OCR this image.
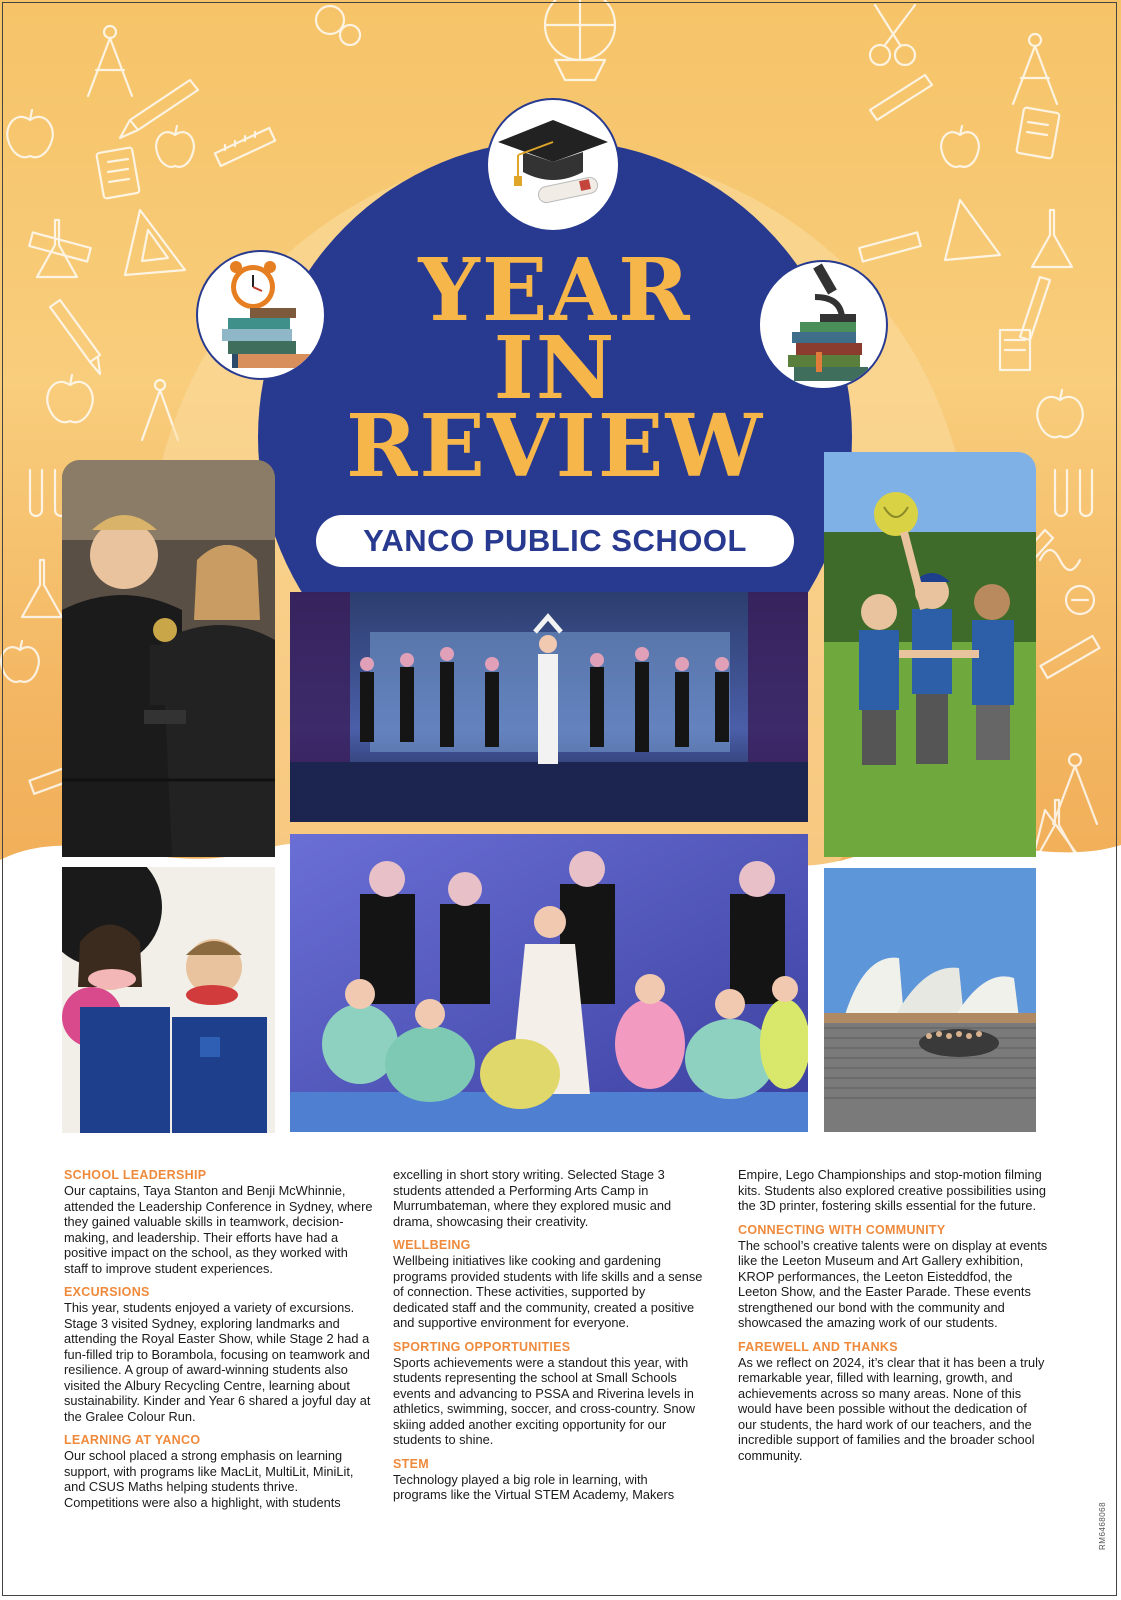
YEAR
IN
REVIEW
YANCO PUBLIC SCHOOL
SCHOOL LEADERSHIP
Our captains, Taya Stanton and Benji McWhinnie, attended the Leadership Conference in Sydney, where they gained valuable skills in teamwork, decision-making, and leadership. Their efforts have had a positive impact on the school, as they worked with staff to improve student experiences.
EXCURSIONS
This year, students enjoyed a variety of excursions. Stage 3 visited Sydney, exploring landmarks and attending the Royal Easter Show, while Stage 2 had a fun-filled trip to Borambola, focusing on teamwork and resilience. A group of award-winning students also visited the Albury Recycling Centre, learning about sustainability. Kinder and Year 6 shared a joyful day at the Gralee Colour Run.
LEARNING AT YANCO
Our school placed a strong emphasis on learning support, with programs like MacLit, MultiLit, MiniLit, and CSUS Maths helping students thrive. Competitions were also a highlight, with students
excelling in short story writing. Selected Stage 3 students attended a Performing Arts Camp in Murrumbateman, where they explored music and drama, showcasing their creativity.
WELLBEING
Wellbeing initiatives like cooking and gardening programs provided students with life skills and a sense of connection. These activities, supported by dedicated staff and the community, created a positive and supportive environment for everyone.
SPORTING OPPORTUNITIES
Sports achievements were a standout this year, with students representing the school at Small Schools events and advancing to PSSA and Riverina levels in athletics, swimming, soccer, and cross-country. Snow skiing added another exciting opportunity for our students to shine.
STEM
Technology played a big role in learning, with programs like the Virtual STEM Academy, Makers
Empire, Lego Championships and stop-motion filming kits. Students also explored creative possibilities using the 3D printer, fostering skills essential for the future.
CONNECTING WITH COMMUNITY
The school’s creative talents were on display at events like the Leeton Museum and Art Gallery exhibition, KROP performances, the Leeton Eisteddfod, the Leeton Show, and the Easter Parade. These events strengthened our bond with the community and showcased the amazing work of our students.
FAREWELL AND THANKS
As we reflect on 2024, it’s clear that it has been a truly remarkable year, filled with learning, growth, and achievements across so many areas. None of this would have been possible without the dedication of our students, the hard work of our teachers, and the incredible support of families and the broader school community.
RM6468068
